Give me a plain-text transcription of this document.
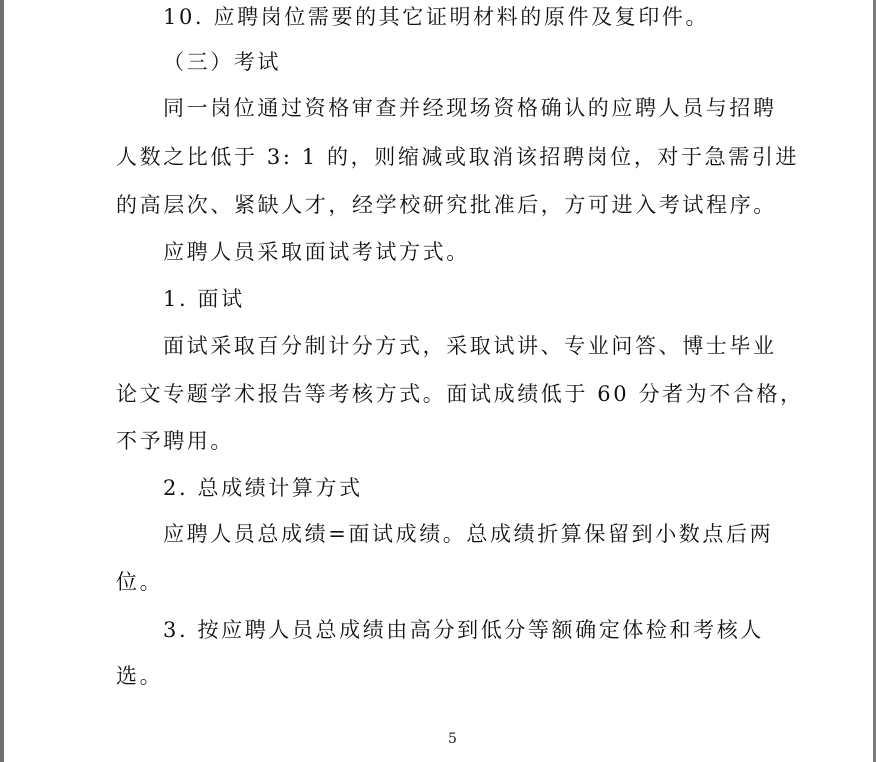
10. 应聘岗位需要的其它证明材料的原件及复印件。
（三）考试
同一岗位通过资格审查并经现场资格确认的应聘人员与招聘
人数之比低于 3: 1 的，则缩减或取消该招聘岗位，对于急需引进
的高层次、紧缺人才，经学校研究批准后，方可进入考试程序。
应聘人员采取面试考试方式。
1. 面试
面试采取百分制计分方式，采取试讲、专业问答、博士毕业
论文专题学术报告等考核方式。面试成绩低于 60 分者为不合格，
不予聘用。
2. 总成绩计算方式
应聘人员总成绩=面试成绩。总成绩折算保留到小数点后两
位。
3. 按应聘人员总成绩由高分到低分等额确定体检和考核人
选。
5
